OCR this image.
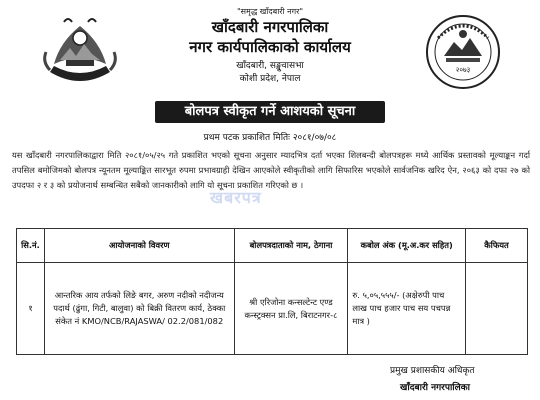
२०७३
"समृद्ध खाँदबारी नगर"
खाँदबारी नगरपालिका
नगर कार्यपालिकाको कार्यालय
खाँदबारी, सङ्खुवासभा
कोशी प्रदेश, नेपाल
बोलपत्र स्वीकृत गर्ने आशयको सूचना
प्रथम पटक प्रकाशित मितिः २०८१/०७/०८
यस खाँदबारी नगरपालिकाद्वारा मिति २०८१/०५/२५ गते प्रकाशित भएको सूचना अनुसार म्यादभित्र दर्ता भएका शिलबन्दी बोलपत्रहरू मध्ये आर्थिक प्रस्तावको मूल्याङ्कन गर्दा तपसिल बमोजिमको बोलपत्र न्यूनतम मूल्याङ्कित सारभूत रुपमा प्रभावग्राही देखिन आएकोले स्वीकृतीको लागि सिफारिस भएकोले सार्वजनिक खरिद ऐन, २०६३ को दफा २७ को उपदफा २ र ३ को प्रयोजनार्थ सम्बन्धित सबैको जानकारीको लागि यो सूचना प्रकाशित गरिएको छ ।
खबरपत्र
सि.नं.	आयोजनाको विवरण	बोलपत्रदाताको नाम, ठेगाना	कबोल अंक (मू.अ.कर सहित)	कैफियत
१	आन्तरिक आय तर्फको लिङे बगर, अरुण नदीको नदीजन्य पदार्थ (ढुंगा, गिटी, बालुवा) को बिक्री वितरण कार्य, ठेक्का संकेत नं KMO/NCB/RAJASWA/ 02.2/081/082	श्री एरिजोना कन्सल्टेन्ट एण्ड कन्स्ट्रक्सन प्रा.लि, बिराटनगर-८	रु. ५,०५,५५५/- (अक्षेरुपी पाच लाख पाच हजार पाच सय पचपन्न मात्र )	
प्रमुख प्रशासकीय अधिकृत
खाँदबारी नगरपालिका
